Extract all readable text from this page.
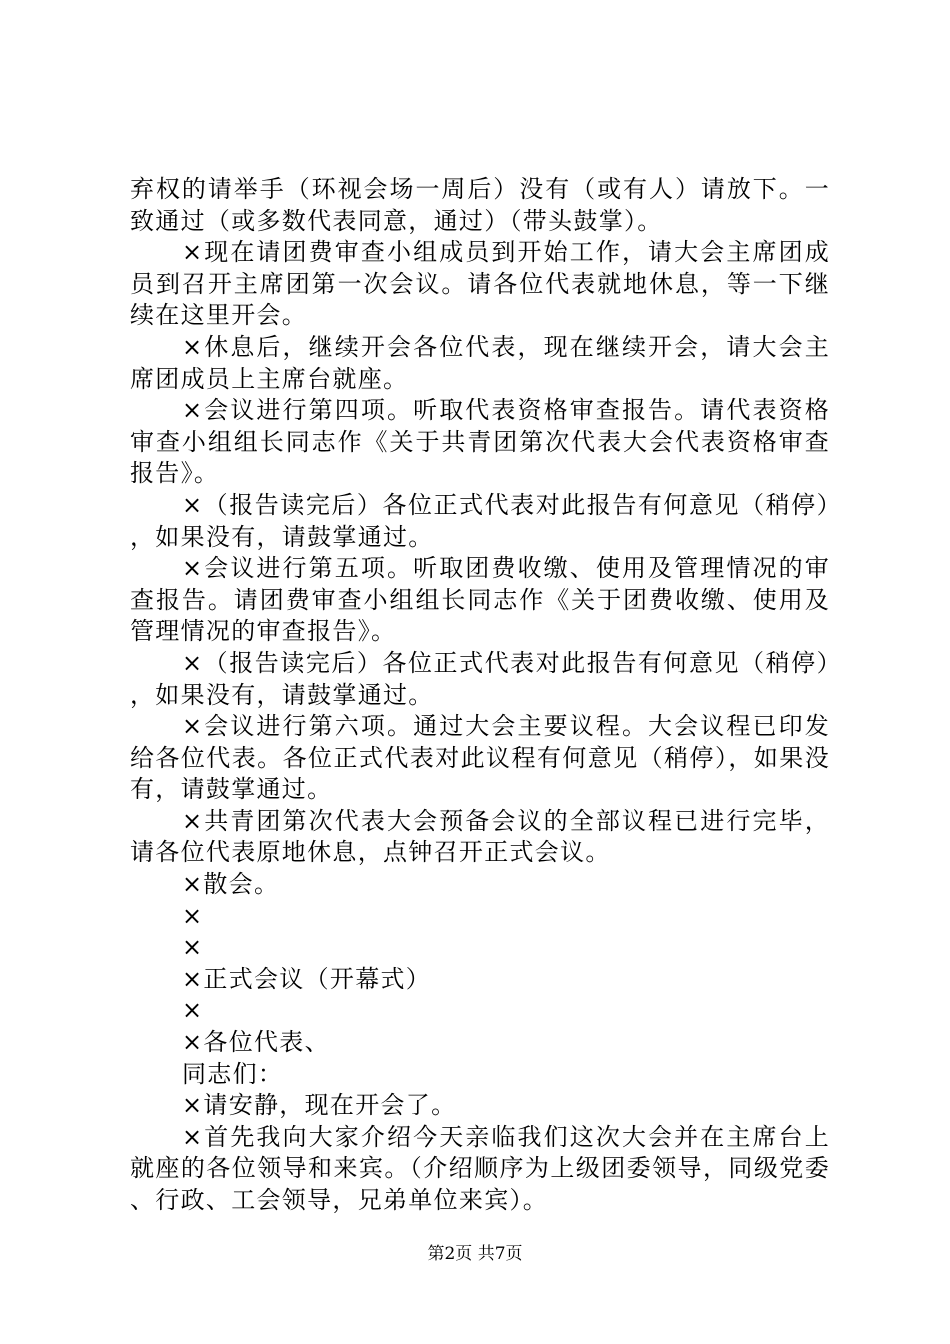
弃权的请举手（环视会场一周后）没有（或有人）请放下。一致通过（或多数代表同意，通过）（带头鼓掌）。

×现在请团费审查小组成员到开始工作，请大会主席团成员到召开主席团第一次会议。请各位代表就地休息，等一下继续在这里开会。

×休息后，继续开会各位代表，现在继续开会，请大会主席团成员上主席台就座。

×会议进行第四项。听取代表资格审查报告。请代表资格审查小组组长同志作《关于共青团第次代表大会代表资格审查报告》。

×（报告读完后）各位正式代表对此报告有何意见（稍停），如果没有，请鼓掌通过。

×会议进行第五项。听取团费收缴、使用及管理情况的审查报告。请团费审查小组组长同志作《关于团费收缴、使用及管理情况的审查报告》。

×（报告读完后）各位正式代表对此报告有何意见（稍停），如果没有，请鼓掌通过。

×会议进行第六项。通过大会主要议程。大会议程已印发给各位代表。各位正式代表对此议程有何意见（稍停），如果没有，请鼓掌通过。

×共青团第次代表大会预备会议的全部议程已进行完毕，请各位代表原地休息，点钟召开正式会议。

×散会。

×

×

×正式会议（开幕式）

×

×各位代表、

同志们：

×请安静，现在开会了。

×首先我向大家介绍今天亲临我们这次大会并在主席台上就座的各位领导和来宾。（介绍顺序为上级团委领导，同级党委、行政、工会领导，兄弟单位来宾）。

第2页 共7页
